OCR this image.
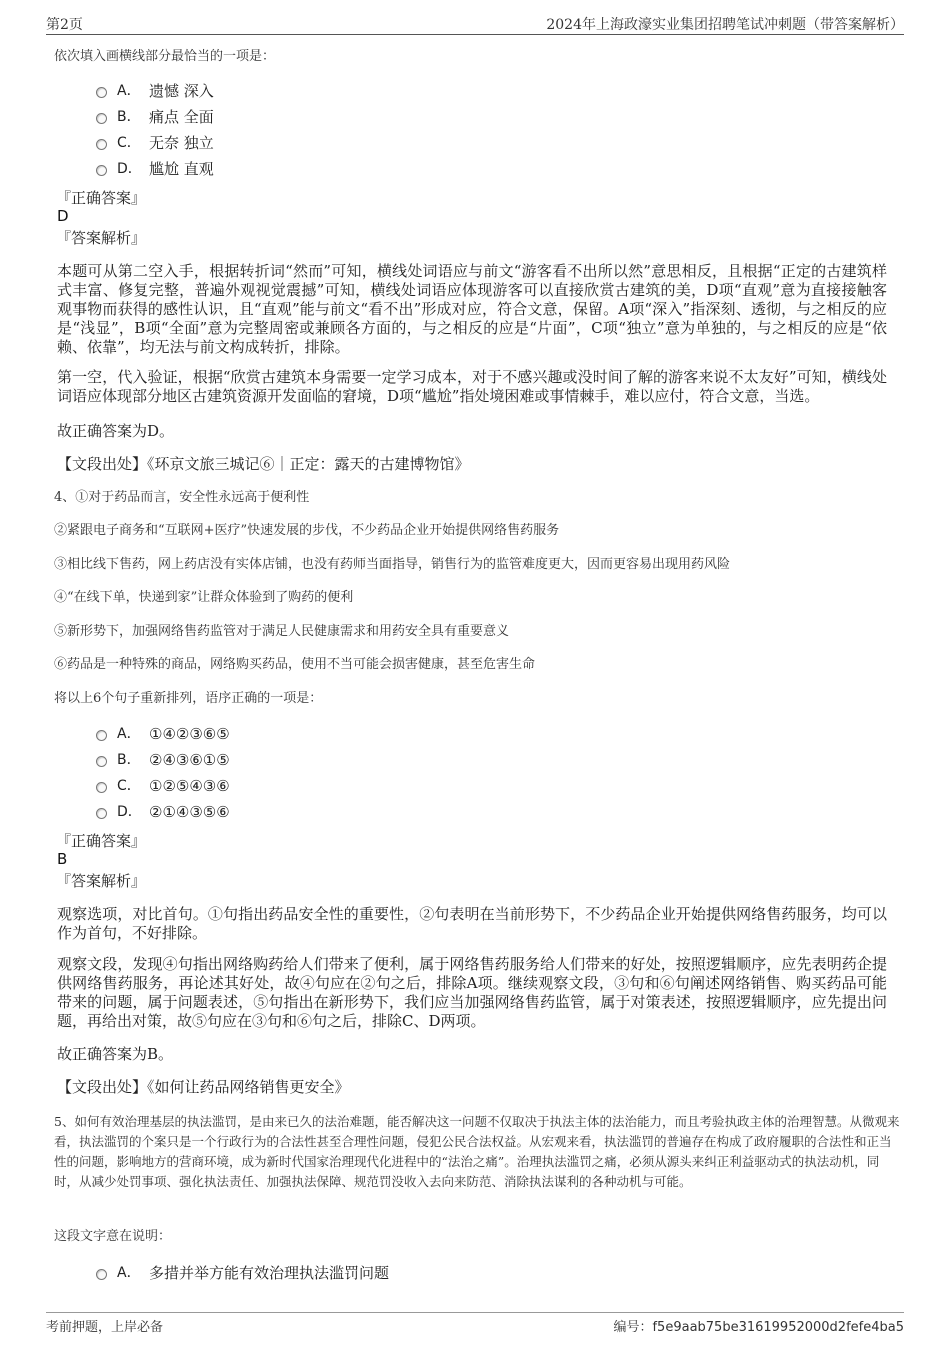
第2页	2024年上海政濠实业集团招聘笔试冲刺题（带答案解析）
依次填入画横线部分最恰当的一项是：
A． 遗憾 深入
B． 痛点 全面
C． 无奈 独立
D． 尴尬 直观
『正确答案』
D
『答案解析』
本题可从第二空入手，根据转折词“然而”可知，横线处词语应与前文“游客看不出所以然”意思相反，且根据“正定的古建筑样式丰富、修复完整，普遍外观视觉震撼”可知，横线处词语应体现游客可以直接欣赏古建筑的美，D项“直观”意为直接接触客观事物而获得的感性认识，且“直观”能与前文“看不出”形成对应，符合文意，保留。A项“深入”指深刻、透彻，与之相反的应是“浅显”，B项“全面”意为完整周密或兼顾各方面的，与之相反的应是“片面”，C项“独立”意为单独的，与之相反的应是“依赖、依靠”，均无法与前文构成转折，排除。
第一空，代入验证，根据“欣赏古建筑本身需要一定学习成本，对于不感兴趣或没时间了解的游客来说不太友好”可知，横线处词语应体现部分地区古建筑资源开发面临的窘境，D项“尴尬”指处境困难或事情棘手，难以应付，符合文意，当选。
故正确答案为D。
【文段出处】《环京文旅三城记⑥｜正定：露天的古建博物馆》
4、①对于药品而言，安全性永远高于便利性
②紧跟电子商务和“互联网+医疗”快速发展的步伐，不少药品企业开始提供网络售药服务
③相比线下售药，网上药店没有实体店铺，也没有药师当面指导，销售行为的监管难度更大，因而更容易出现用药风险
④“在线下单，快递到家”让群众体验到了购药的便利
⑤新形势下，加强网络售药监管对于满足人民健康需求和用药安全具有重要意义
⑥药品是一种特殊的商品，网络购买药品，使用不当可能会损害健康，甚至危害生命
将以上6个句子重新排列，语序正确的一项是：
A． ①④②③⑥⑤
B． ②④③⑥①⑤
C． ①②⑤④③⑥
D． ②①④③⑤⑥
『正确答案』
B
『答案解析』
观察选项，对比首句。①句指出药品安全性的重要性，②句表明在当前形势下，不少药品企业开始提供网络售药服务，均可以作为首句，不好排除。
观察文段，发现④句指出网络购药给人们带来了便利，属于网络售药服务给人们带来的好处，按照逻辑顺序，应先表明药企提供网络售药服务，再论述其好处，故④句应在②句之后，排除A项。继续观察文段，③句和⑥句阐述网络销售、购买药品可能带来的问题，属于问题表述，⑤句指出在新形势下，我们应当加强网络售药监管，属于对策表述，按照逻辑顺序，应先提出问题，再给出对策，故⑤句应在③句和⑥句之后，排除C、D两项。
故正确答案为B。
【文段出处】《如何让药品网络销售更安全》
5、如何有效治理基层的执法滥罚，是由来已久的法治难题，能否解决这一问题不仅取决于执法主体的法治能力，而且考验执政主体的治理智慧。从微观来看，执法滥罚的个案只是一个行政行为的合法性甚至合理性问题，侵犯公民合法权益。从宏观来看，执法滥罚的普遍存在构成了政府履职的合法性和正当性的问题，影响地方的营商环境，成为新时代国家治理现代化进程中的“法治之痛”。治理执法滥罚之痛，必须从源头来纠正利益驱动式的执法动机，同时，从减少处罚事项、强化执法责任、加强执法保障、规范罚没收入去向来防范、消除执法谋利的各种动机与可能。
这段文字意在说明：
A． 多措并举方能有效治理执法滥罚问题
考前押题，上岸必备	编号：f5e9aab75be31619952000d2fefe4ba5
